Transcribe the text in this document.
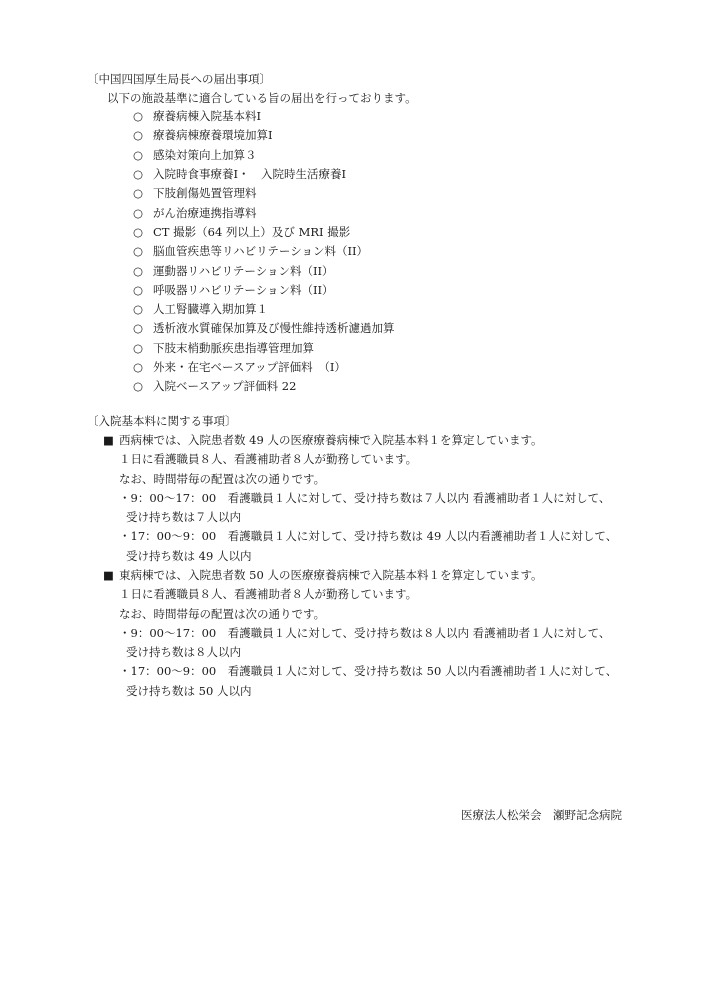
〔中国四国厚生局長への届出事項〕
以下の施設基準に適合している旨の届出を行っております。
○ 療養病棟入院基本料Ⅰ
○ 療養病棟療養環境加算Ⅰ
○ 感染対策向上加算３
○ 入院時食事療養Ⅰ・　入院時生活療養Ⅰ
○ 下肢創傷処置管理料
○ がん治療連携指導料
○ CT 撮影（64 列以上）及び MRI 撮影
○ 脳血管疾患等リハビリテーション料（II）
○ 運動器リハビリテーション料（II）
○ 呼吸器リハビリテーション料（II）
○ 人工腎臓導入期加算１
○ 透析液水質確保加算及び慢性維持透析濾過加算
○ 下肢末梢動脈疾患指導管理加算
○ 外来・在宅ベースアップ評価料　（Ⅰ）
○ 入院ベースアップ評価料 22
〔入院基本料に関する事項〕
■ 西病棟では、入院患者数 49 人の医療療養病棟で入院基本料１を算定しています。
１日に看護職員８人、看護補助者８人が勤務しています。
なお、時間帯毎の配置は次の通りです。
・9：00～17：00　看護職員１人に対して、受け持ち数は７人以内 看護補助者１人に対して、
受け持ち数は７人以内
・17：00～9：00　看護職員１人に対して、受け持ち数は 49 人以内看護補助者１人に対して、
受け持ち数は 49 人以内
■ 東病棟では、入院患者数 50 人の医療療養病棟で入院基本料１を算定しています。
１日に看護職員８人、看護補助者８人が勤務しています。
なお、時間帯毎の配置は次の通りです。
・9：00～17：00　看護職員１人に対して、受け持ち数は８人以内 看護補助者１人に対して、
受け持ち数は８人以内
・17：00～9：00　看護職員１人に対して、受け持ち数は 50 人以内看護補助者１人に対して、
受け持ち数は 50 人以内
医療法人松栄会　瀬野記念病院
